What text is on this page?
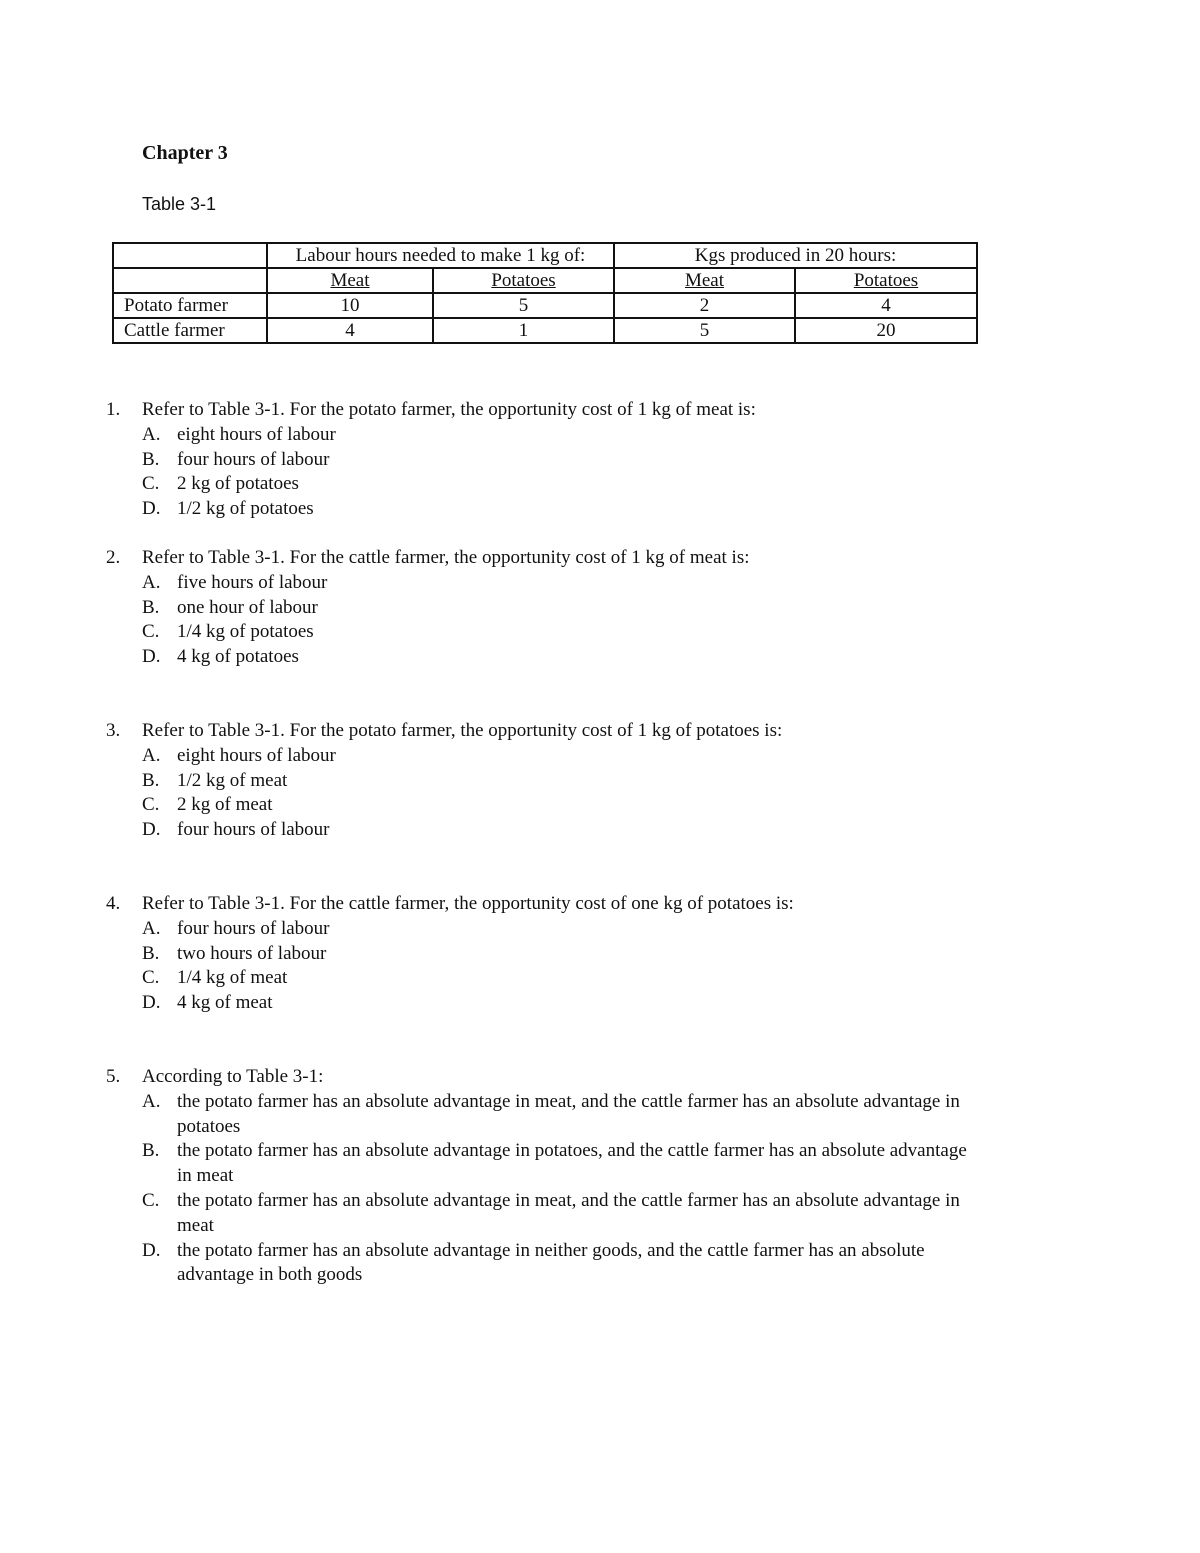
Chapter 3
Table 3-1
	Labour hours needed to make 1 kg of:		Kgs produced in 20 hours:	
	Meat	Potatoes	Meat	Potatoes
Potato farmer	10	5	2	4
Cattle farmer	4	1	5	20
1. Refer to Table 3-1. For the potato farmer, the opportunity cost of 1 kg of meat is:
A. eight hours of labour
B. four hours of labour
C. 2 kg of potatoes
D. 1/2 kg of potatoes
2. Refer to Table 3-1. For the cattle farmer, the opportunity cost of 1 kg of meat is:
A. five hours of labour
B. one hour of labour
C. 1/4 kg of potatoes
D. 4 kg of potatoes
3. Refer to Table 3-1. For the potato farmer, the opportunity cost of 1 kg of potatoes is:
A. eight hours of labour
B. 1/2 kg of meat
C. 2 kg of meat
D. four hours of labour
4. Refer to Table 3-1. For the cattle farmer, the opportunity cost of one kg of potatoes is:
A. four hours of labour
B. two hours of labour
C. 1/4 kg of meat
D. 4 kg of meat
5. According to Table 3-1:
A. the potato farmer has an absolute advantage in meat, and the cattle farmer has an absolute advantage in potatoes
B. the potato farmer has an absolute advantage in potatoes, and the cattle farmer has an absolute advantage in meat
C. the potato farmer has an absolute advantage in meat, and the cattle farmer has an absolute advantage in meat
D. the potato farmer has an absolute advantage in neither goods, and the cattle farmer has an absolute advantage in both goods
